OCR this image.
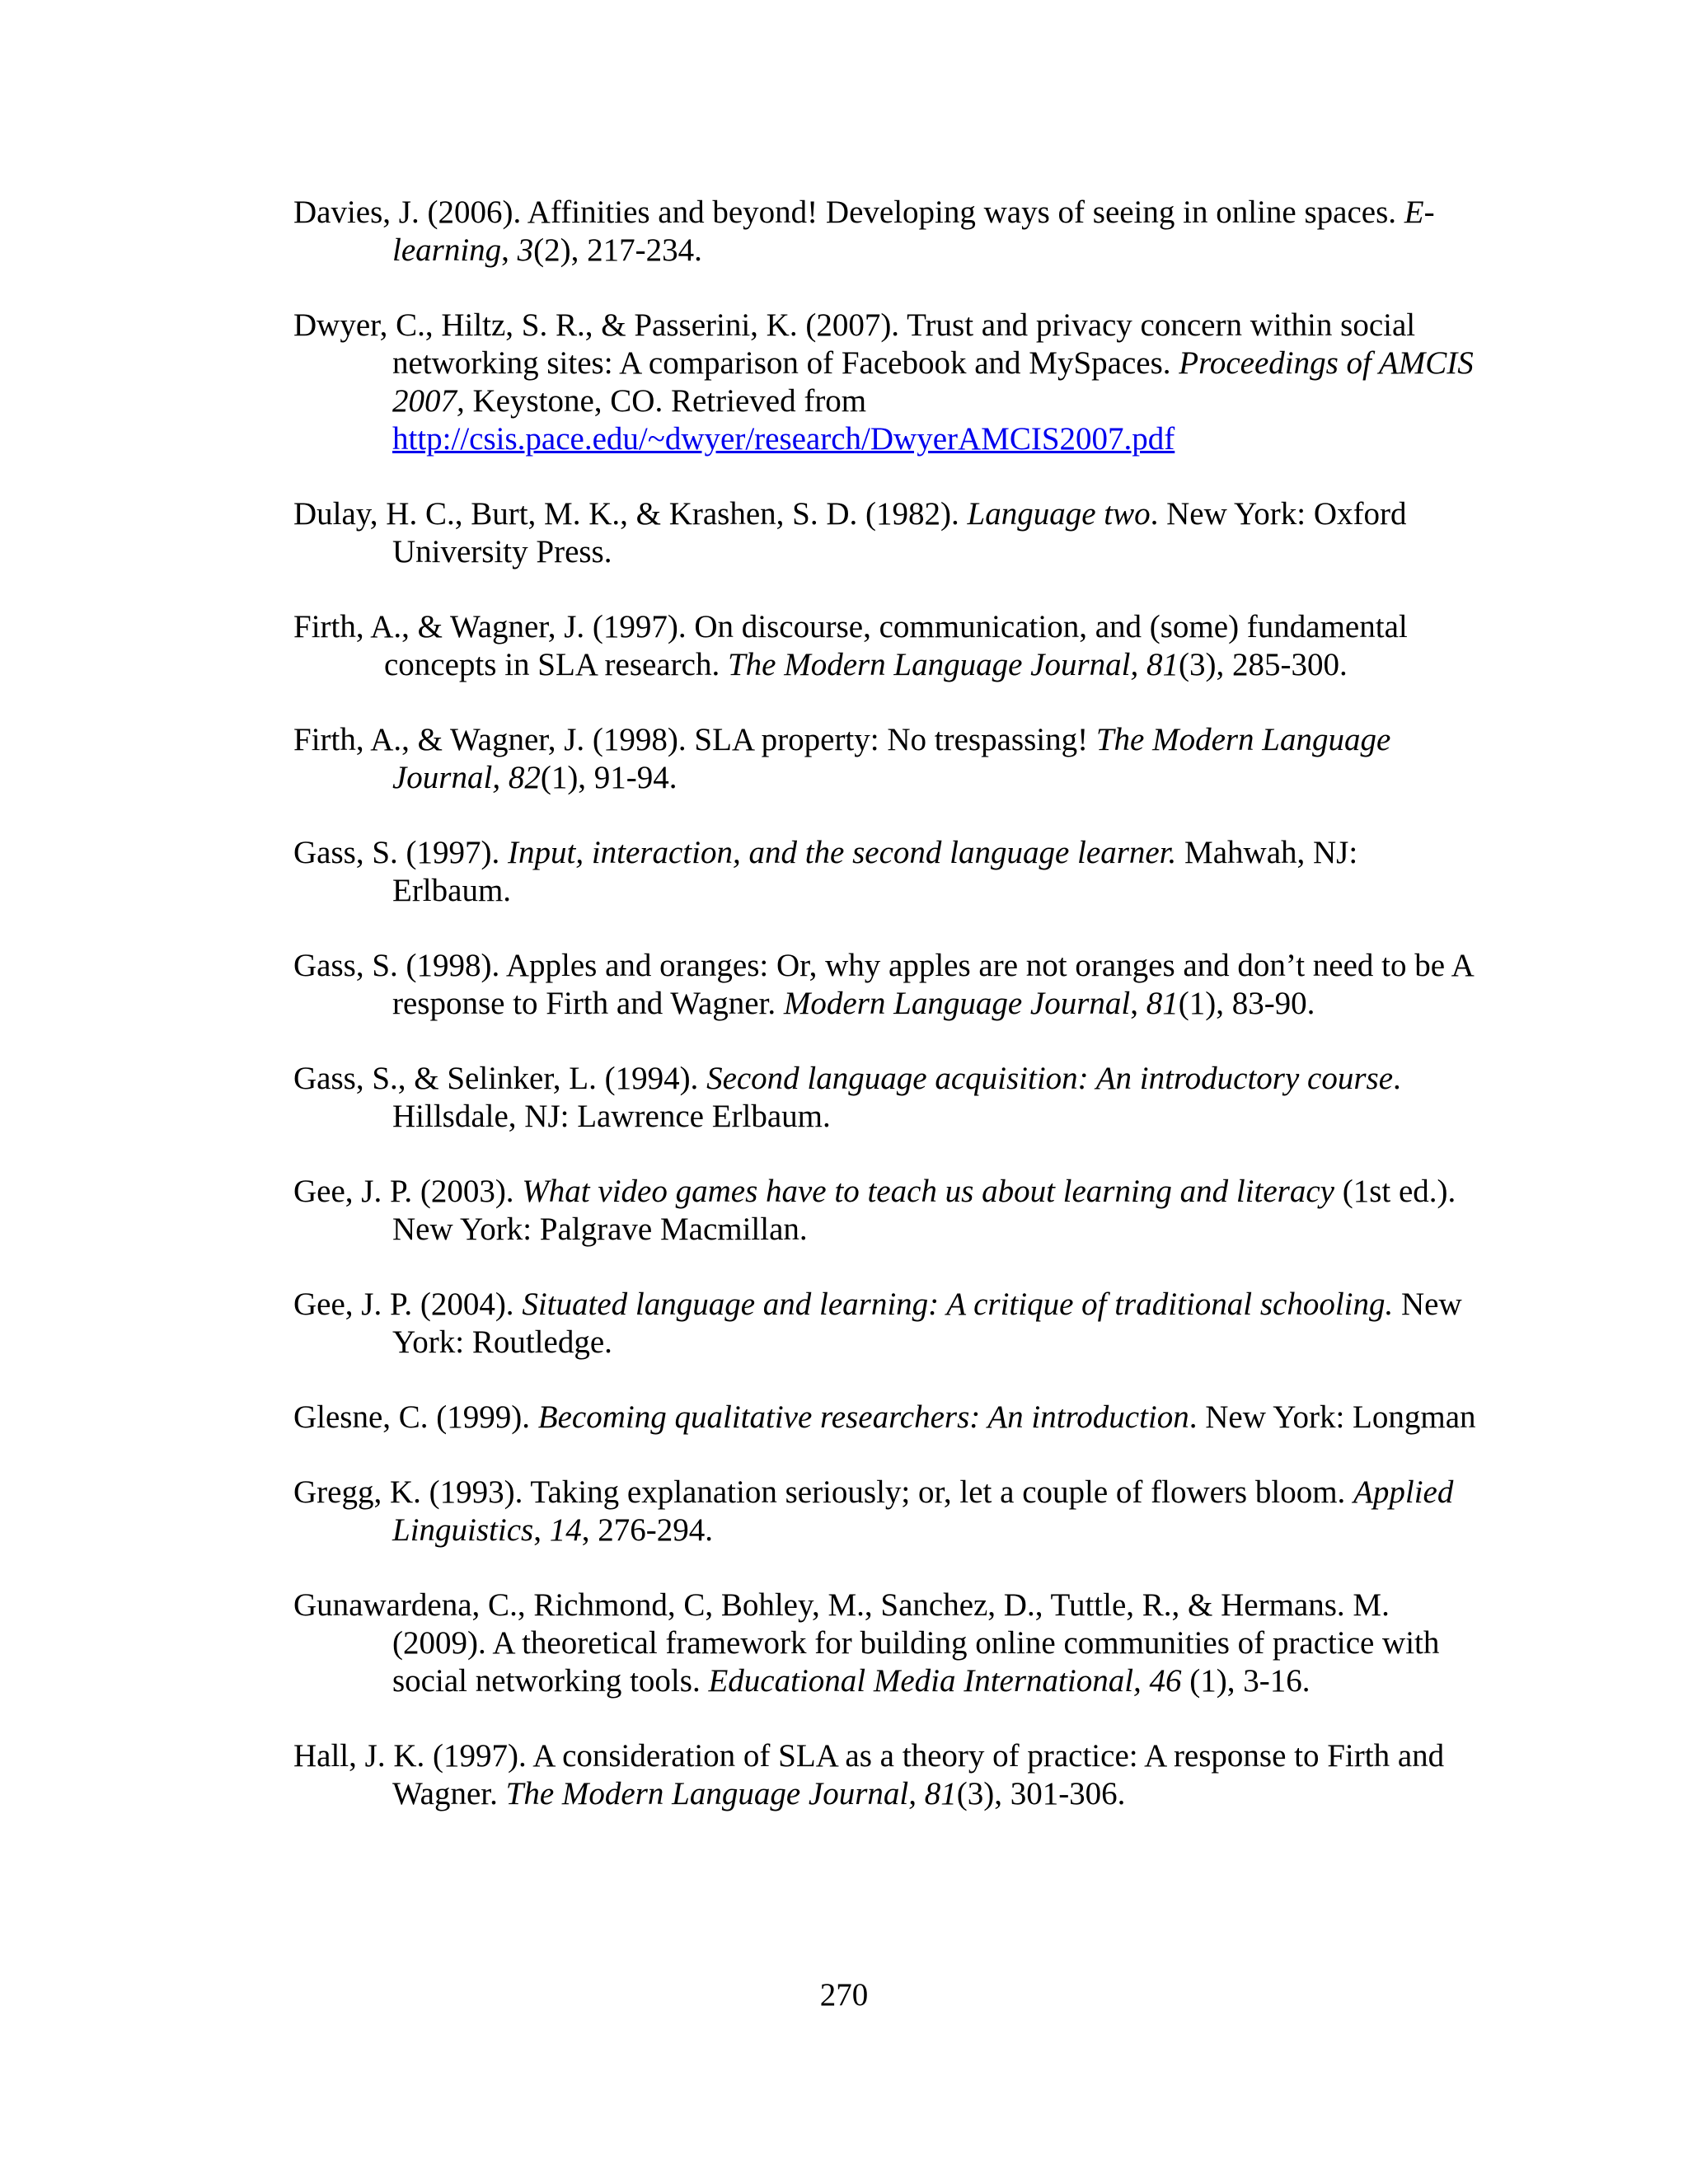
Davies, J. (2006). Affinities and beyond! Developing ways of seeing in online spaces. E-learning, 3(2), 217-234.

Dwyer, C., Hiltz, S. R., & Passerini, K. (2007). Trust and privacy concern within social networking sites: A comparison of Facebook and MySpaces. Proceedings of AMCIS 2007, Keystone, CO. Retrieved from http://csis.pace.edu/~dwyer/research/DwyerAMCIS2007.pdf

Dulay, H. C., Burt, M. K., & Krashen, S. D. (1982). Language two. New York: Oxford University Press.

Firth, A., & Wagner, J. (1997). On discourse, communication, and (some) fundamental concepts in SLA research. The Modern Language Journal, 81(3), 285-300.

Firth, A., & Wagner, J. (1998). SLA property: No trespassing! The Modern Language Journal, 82(1), 91-94.

Gass, S. (1997). Input, interaction, and the second language learner. Mahwah, NJ: Erlbaum.

Gass, S. (1998). Apples and oranges: Or, why apples are not oranges and don’t need to be A response to Firth and Wagner. Modern Language Journal, 81(1), 83-90.

Gass, S., & Selinker, L. (1994). Second language acquisition: An introductory course. Hillsdale, NJ: Lawrence Erlbaum.

Gee, J. P. (2003). What video games have to teach us about learning and literacy (1st ed.). New York: Palgrave Macmillan.

Gee, J. P. (2004). Situated language and learning: A critique of traditional schooling. New York: Routledge.

Glesne, C. (1999). Becoming qualitative researchers: An introduction. New York: Longman

Gregg, K. (1993). Taking explanation seriously; or, let a couple of flowers bloom. Applied Linguistics, 14, 276-294.

Gunawardena, C., Richmond, C, Bohley, M., Sanchez, D., Tuttle, R., & Hermans. M. (2009). A theoretical framework for building online communities of practice with social networking tools. Educational Media International, 46 (1), 3-16.

Hall, J. K. (1997). A consideration of SLA as a theory of practice: A response to Firth and Wagner. The Modern Language Journal, 81(3), 301-306.

270
